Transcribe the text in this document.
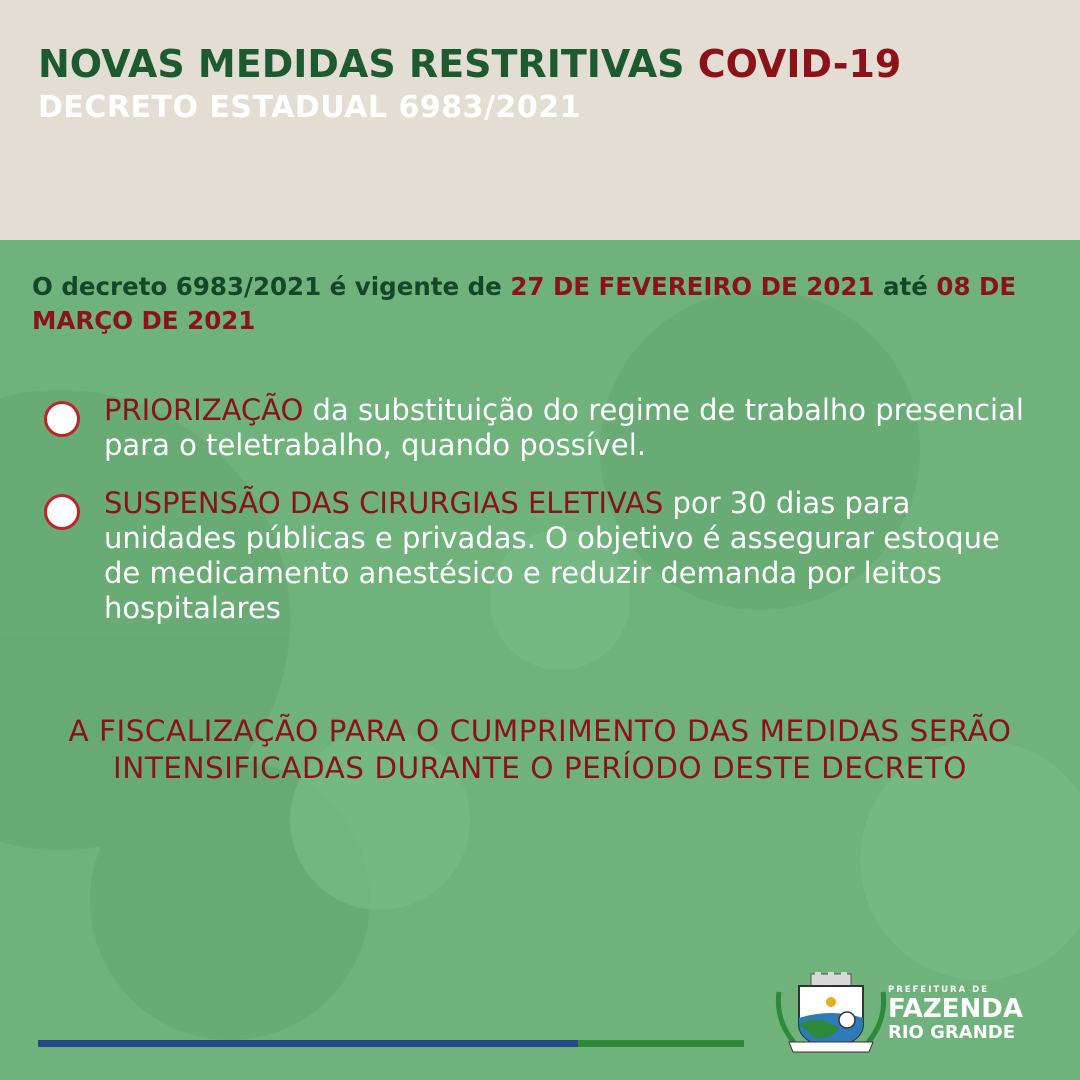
NOVAS MEDIDAS RESTRITIVAS COVID-19
DECRETO ESTADUAL 6983/2021

O decreto 6983/2021 é vigente de 27 DE FEVEREIRO DE 2021 até 08 DE MARÇO DE 2021

PRIORIZAÇÃO da substituição do regime de trabalho presencial para o teletrabalho, quando possível.

SUSPENSÃO DAS CIRURGIAS ELETIVAS por 30 dias para unidades públicas e privadas. O objetivo é assegurar estoque de medicamento anestésico e reduzir demanda por leitos hospitalares

A FISCALIZAÇÃO PARA O CUMPRIMENTO DAS MEDIDAS SERÃO INTENSIFICADAS DURANTE O PERÍODO DESTE DECRETO

PREFEITURA DE
FAZENDA
RIO GRANDE
